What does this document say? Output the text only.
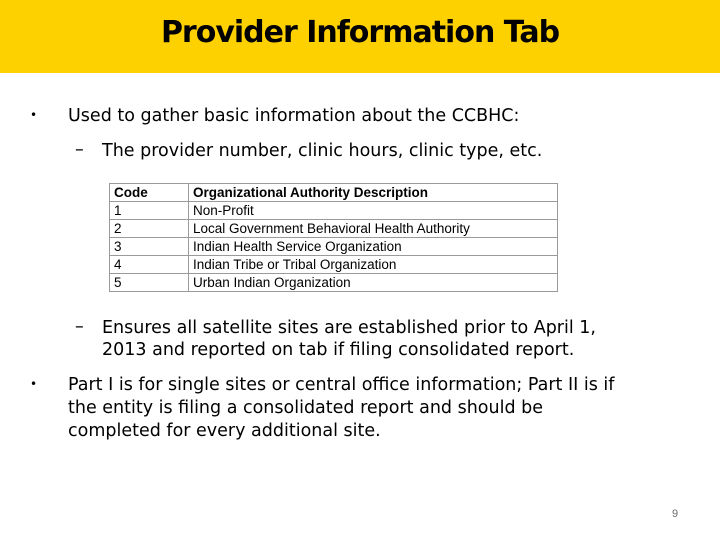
Provider Information Tab
• Used to gather basic information about the CCBHC:
– The provider number, clinic hours, clinic type, etc.
Code	Organizational Authority Description
1	Non-Profit
2	Local Government Behavioral Health Authority
3	Indian Health Service Organization
4	Indian Tribe or Tribal Organization
5	Urban Indian Organization
– Ensures all satellite sites are established prior to April 1,
2013 and reported on tab if filing consolidated report.
• Part I is for single sites or central office information; Part II is if
the entity is filing a consolidated report and should be
completed for every additional site.
9
